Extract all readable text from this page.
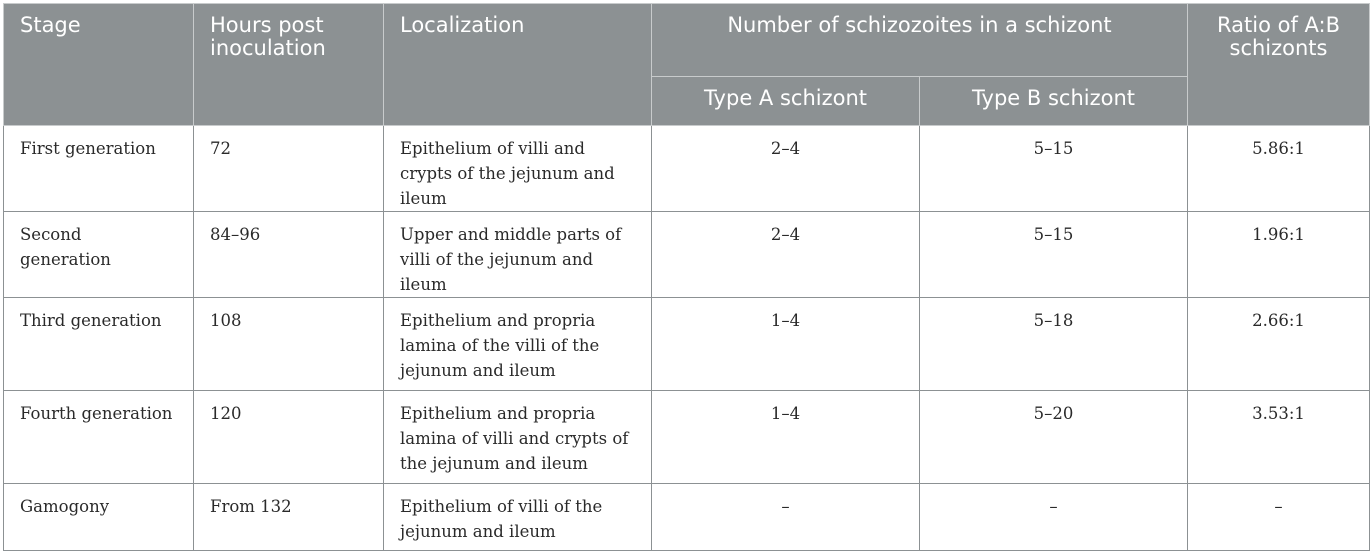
Stage	Hours post inoculation	Localization	Number of schizozoites in a schizont		Ratio of A:B schizonts
			Type A schizont	Type B schizont	
First generation	72	Epithelium of villi and crypts of the jejunum and ileum	2–4	5–15	5.86:1
Second generation	84–96	Upper and middle parts of villi of the jejunum and ileum	2–4	5–15	1.96:1
Third generation	108	Epithelium and propria lamina of the villi of the jejunum and ileum	1–4	5–18	2.66:1
Fourth generation	120	Epithelium and propria lamina of villi and crypts of the jejunum and ileum	1–4	5–20	3.53:1
Gamogony	From 132	Epithelium of villi of the jejunum and ileum	–	–	–
